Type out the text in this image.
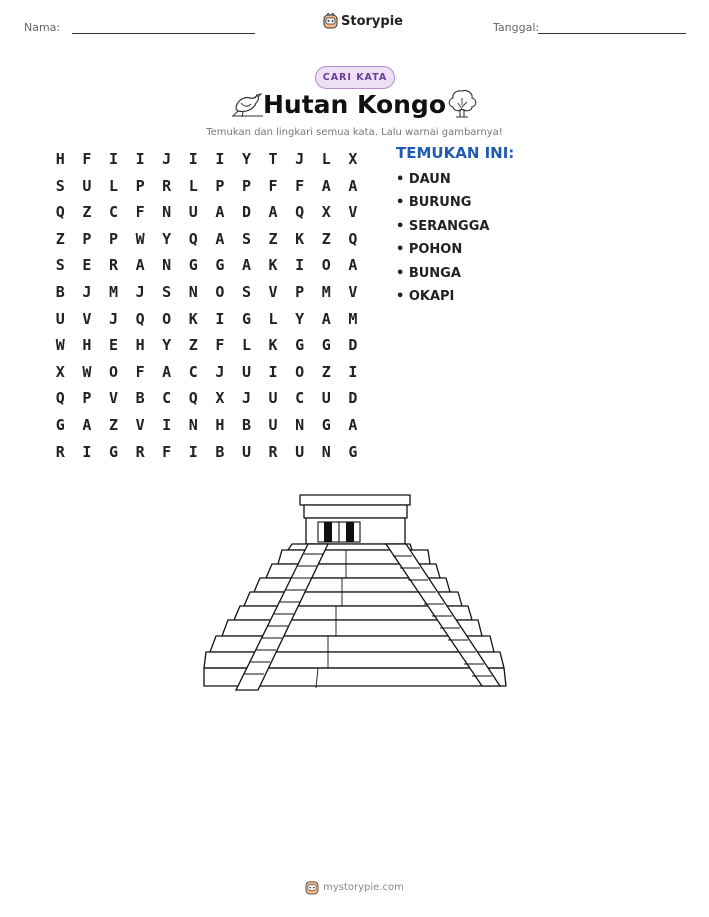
Nama:	Storypie	Tanggal:
CARI KATA
Hutan Kongo
Temukan dan lingkari semua kata. Lalu warnai gambarnya!
H	F	I	I	J	I	I	Y	T	J	L	X
S	U	L	P	R	L	P	P	F	F	A	A
Q	Z	C	F	N	U	A	D	A	Q	X	V
Z	P	P	W	Y	Q	A	S	Z	K	Z	Q
S	E	R	A	N	G	G	A	K	I	O	A
B	J	M	J	S	N	O	S	V	P	M	V
U	V	J	Q	O	K	I	G	L	Y	A	M
W	H	E	H	Y	Z	F	L	K	G	G	D
X	W	O	F	A	C	J	U	I	O	Z	I
Q	P	V	B	C	Q	X	J	U	C	U	D
G	A	Z	V	I	N	H	B	U	N	G	A
R	I	G	R	F	I	B	U	R	U	N	G
TEMUKAN INI:
• DAUN
• BURUNG
• SERANGGA
• POHON
• BUNGA
• OKAPI
mystorypie.com
